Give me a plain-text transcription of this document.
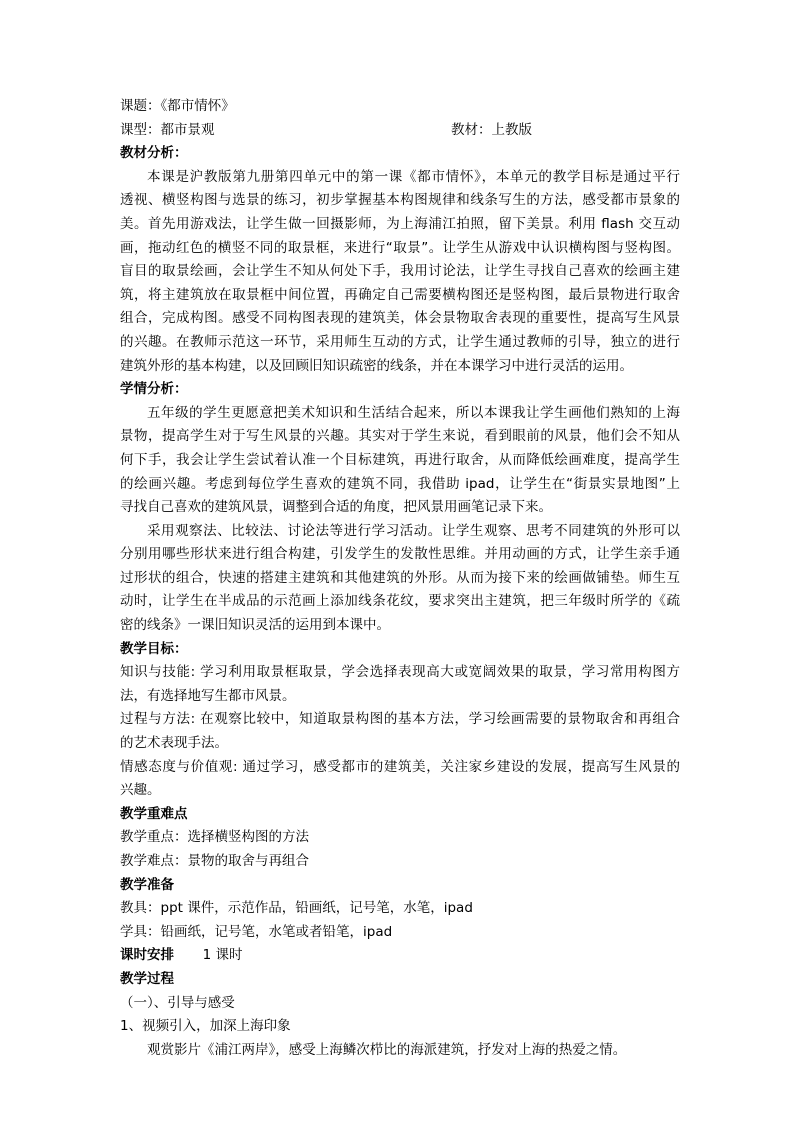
课题：《都市情怀》
课型：都市景观	教材：上教版
教材分析：
本课是沪教版第九册第四单元中的第一课《都市情怀》，本单元的教学目标是通过平行
透视、横竖构图与选景的练习，初步掌握基本构图规律和线条写生的方法，感受都市景象的
美。首先用游戏法，让学生做一回摄影师，为上海浦江拍照，留下美景。利用 flash 交互动
画，拖动红色的横竖不同的取景框，来进行“取景”。让学生从游戏中认识横构图与竖构图。
盲目的取景绘画，会让学生不知从何处下手，我用讨论法，让学生寻找自己喜欢的绘画主建
筑，将主建筑放在取景框中间位置，再确定自己需要横构图还是竖构图，最后景物进行取舍
组合，完成构图。感受不同构图表现的建筑美，体会景物取舍表现的重要性，提高写生风景
的兴趣。在教师示范这一环节，采用师生互动的方式，让学生通过教师的引导，独立的进行
建筑外形的基本构建，以及回顾旧知识疏密的线条，并在本课学习中进行灵活的运用。
学情分析：
五年级的学生更愿意把美术知识和生活结合起来，所以本课我让学生画他们熟知的上海
景物，提高学生对于写生风景的兴趣。其实对于学生来说，看到眼前的风景，他们会不知从
何下手，我会让学生尝试着认准一个目标建筑，再进行取舍，从而降低绘画难度，提高学生
的绘画兴趣。考虑到每位学生喜欢的建筑不同，我借助 ipad，让学生在“街景实景地图”上
寻找自己喜欢的建筑风景，调整到合适的角度，把风景用画笔记录下来。
采用观察法、比较法、讨论法等进行学习活动。让学生观察、思考不同建筑的外形可以
分别用哪些形状来进行组合构建，引发学生的发散性思维。并用动画的方式，让学生亲手通
过形状的组合，快速的搭建主建筑和其他建筑的外形。从而为接下来的绘画做铺垫。师生互
动时，让学生在半成品的示范画上添加线条花纹，要求突出主建筑，把三年级时所学的《疏
密的线条》一课旧知识灵活的运用到本课中。
教学目标：
知识与技能: 学习利用取景框取景，学会选择表现高大或宽阔效果的取景，学习常用构图方
法，有选择地写生都市风景。
过程与方法: 在观察比较中，知道取景构图的基本方法，学习绘画需要的景物取舍和再组合
的艺术表现手法。
情感态度与价值观: 通过学习，感受都市的建筑美，关注家乡建设的发展，提高写生风景的
兴趣。
教学重难点
教学重点：选择横竖构图的方法
教学难点：景物的取舍与再组合
教学准备
教具：ppt 课件，示范作品，铅画纸，记号笔，水笔，ipad
学具：铅画纸，记号笔，水笔或者铅笔，ipad
课时安排 1 课时
教学过程
（一）、引导与感受
1、视频引入，加深上海印象
观赏影片《浦江两岸》，感受上海鳞次栉比的海派建筑，抒发对上海的热爱之情。
